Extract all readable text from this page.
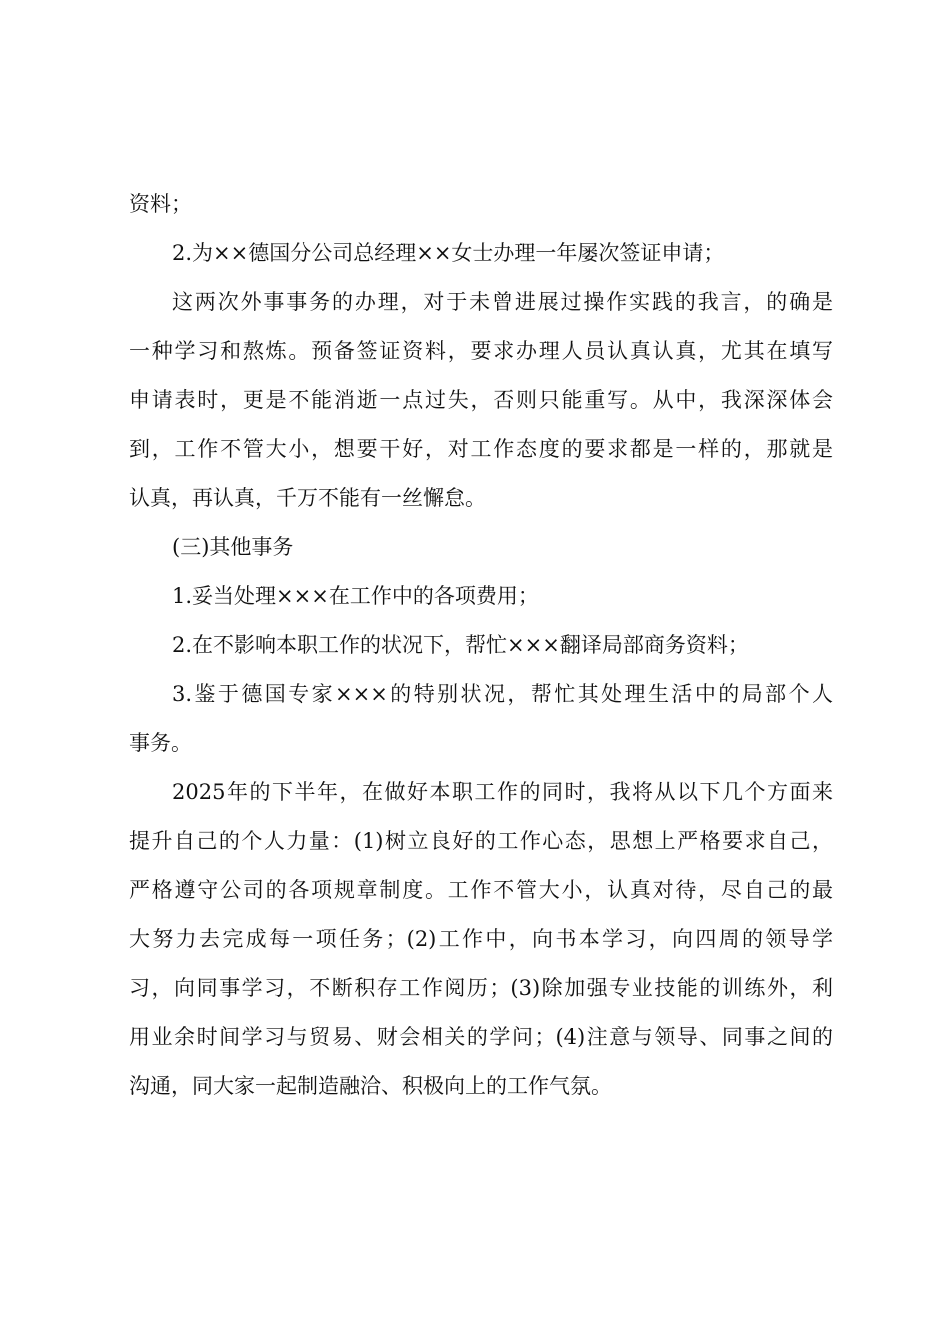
资料；
2.为××德国分公司总经理××女士办理一年屡次签证申请；
这两次外事事务的办理，对于未曾进展过操作实践的我言，的确是
一种学习和熬炼。预备签证资料，要求办理人员认真认真，尤其在填写
申请表时，更是不能消逝一点过失，否则只能重写。从中，我深深体会
到，工作不管大小，想要干好，对工作态度的要求都是一样的，那就是
认真，再认真，千万不能有一丝懈怠。
(三)其他事务
1.妥当处理×××在工作中的各项费用；
2.在不影响本职工作的状况下，帮忙×××翻译局部商务资料；
3.鉴于德国专家×××的特别状况，帮忙其处理生活中的局部个人
事务。
2025年的下半年，在做好本职工作的同时，我将从以下几个方面来
提升自己的个人力量：(1)树立良好的工作心态，思想上严格要求自己，
严格遵守公司的各项规章制度。工作不管大小，认真对待，尽自己的最
大努力去完成每一项任务；(2)工作中，向书本学习，向四周的领导学
习，向同事学习，不断积存工作阅历；(3)除加强专业技能的训练外，利
用业余时间学习与贸易、财会相关的学问；(4)注意与领导、同事之间的
沟通，同大家一起制造融洽、积极向上的工作气氛。
